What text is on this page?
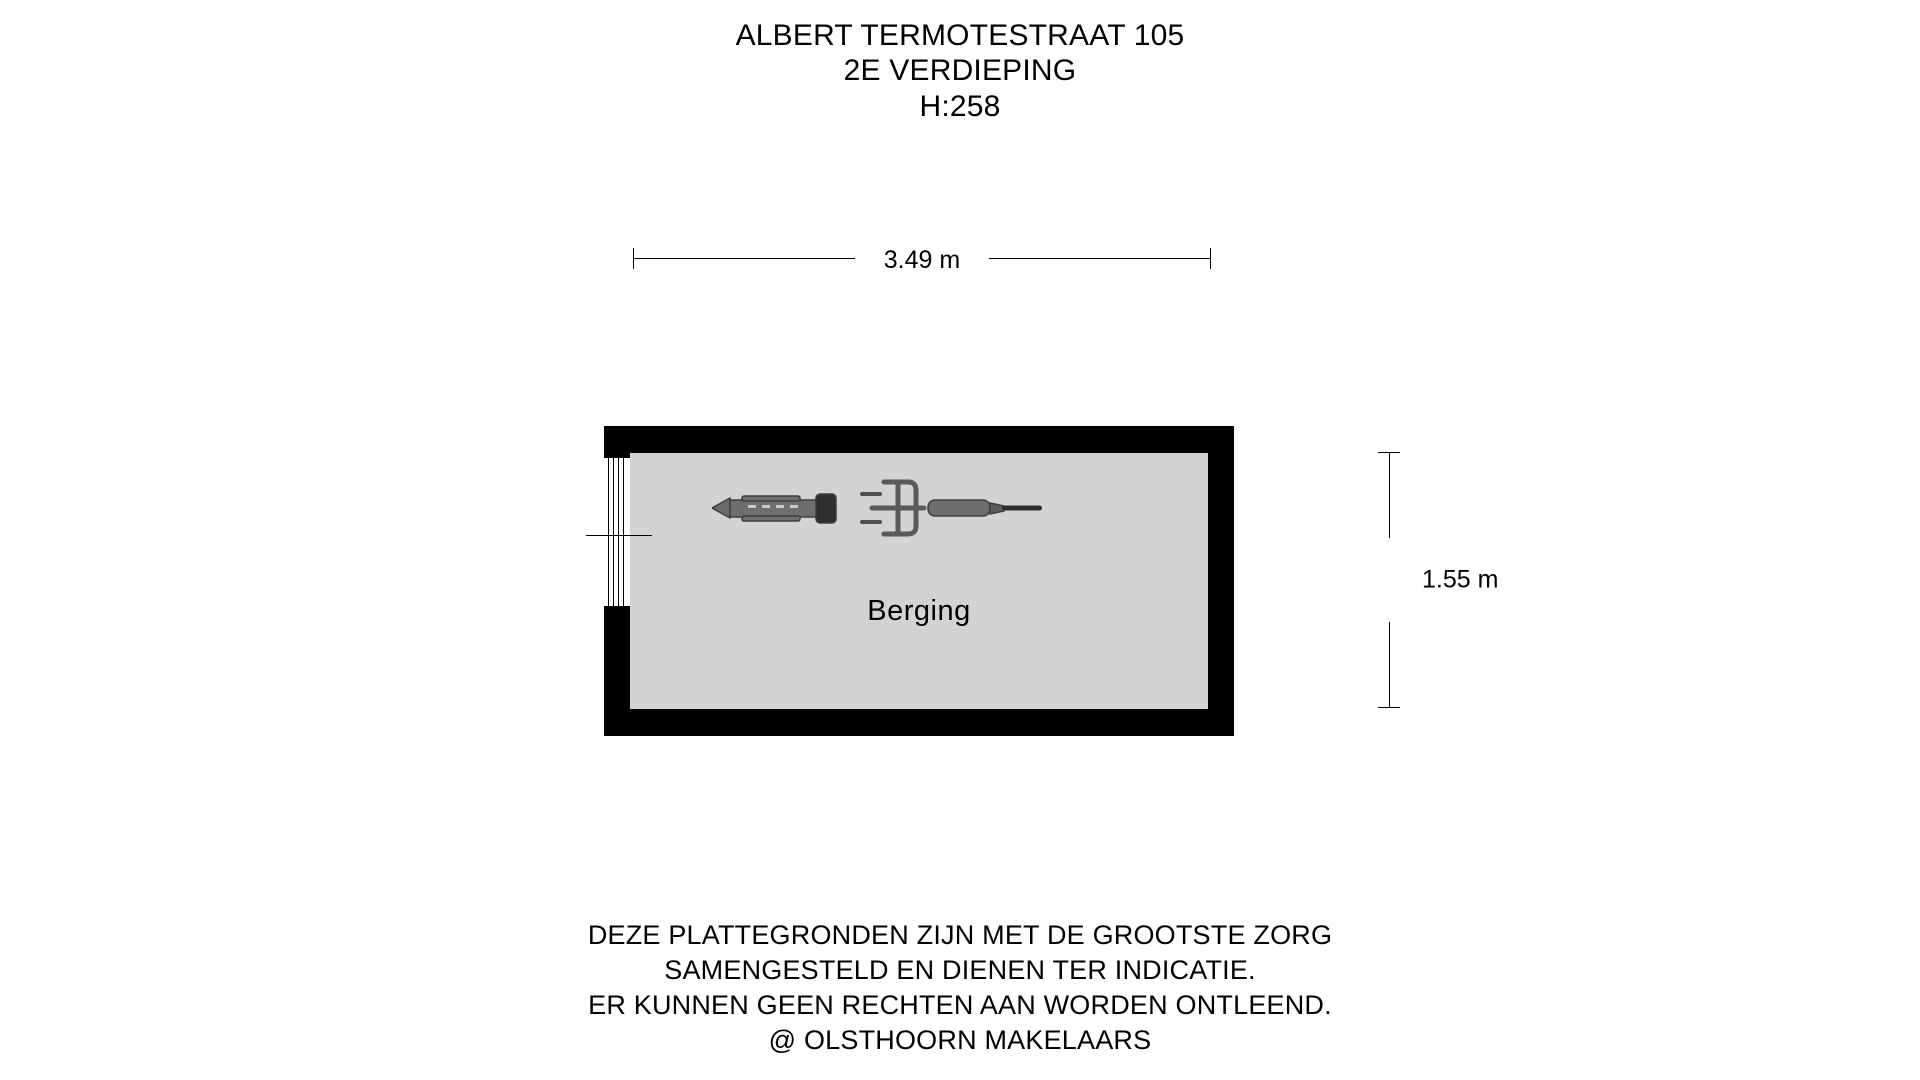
ALBERT TERMOTESTRAAT 105
2E VERDIEPING
H:258
3.49 m
1.55 m
Berging
DEZE PLATTEGRONDEN ZIJN MET DE GROOTSTE ZORG
SAMENGESTELD EN DIENEN TER INDICATIE.
ER KUNNEN GEEN RECHTEN AAN WORDEN ONTLEEND.
@ OLSTHOORN MAKELAARS
